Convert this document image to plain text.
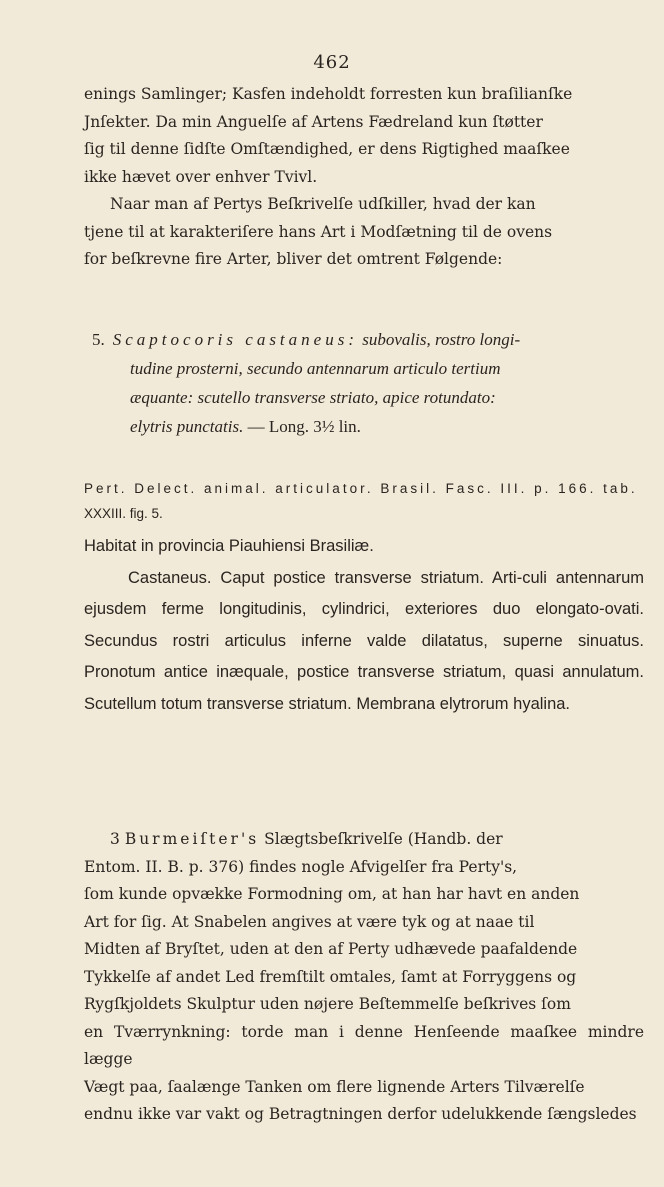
462

enings Samlinger; Kasfen indeholdt forresten kun braſilianſke

Jnſekter. Da min Anguelſe af Artens Fædreland kun ſtøtter

ſig til denne ſidſte Omſtændighed, er dens Rigtighed maaſkee

ikke hævet over enhver Tvivl.

Naar man af Pertys Beſkrivelſe udſkiller, hvad der kan

tjene til at karakteriſere hans Art i Modſætning til de ovens

for beſkrevne fire Arter, bliver det omtrent Følgende:

5. Scaptocoris castaneus: subovalis, rostro longi-
tudine prosterni, secundo antennarum articulo tertium
æquante: scutello transverse striato, apice rotundato:
elytris punctatis. — Long. 3½ lin.
Pert. Delect. animal. articulator. Brasil. Fasc. III. p. 166. tab.
XXXIII. fig. 5.

Habitat in provincia Piauhiensi Brasiliæ.

Castaneus. Caput postice transverse striatum. Arti-culi antennarum ejusdem ferme longitudinis, cylindrici, exteriores duo elongato-ovati. Secundus rostri articulus inferne valde dilatatus, superne sinuatus. Pronotum antice inæquale, postice transverse striatum, quasi annulatum. Scutellum totum transverse striatum. Membrana elytrorum hyalina.

3 Burmeiſter's Slægtsbeſkrivelſe (Handb. der

Entom. II. B. p. 376) findes nogle Afvigelſer fra Perty's,

ſom kunde opvække Formodning om, at han har havt en anden

Art for ſig. At Snabelen angives at være tyk og at naae til

Midten af Bryſtet, uden at den af Perty udhævede paafaldende

Tykkelſe af andet Led fremſtilt omtales, ſamt at Forryggens og

Rygſkjoldets Skulptur uden nøjere Beſtemmelſe beſkrives ſom

en Tværrynkning: torde man i denne Henſeende maaſkee mindre lægge

Vægt paa, ſaalænge Tanken om flere lignende Arters Tilværelſe

endnu ikke var vakt og Betragtningen derfor udelukkende ſængsledes
